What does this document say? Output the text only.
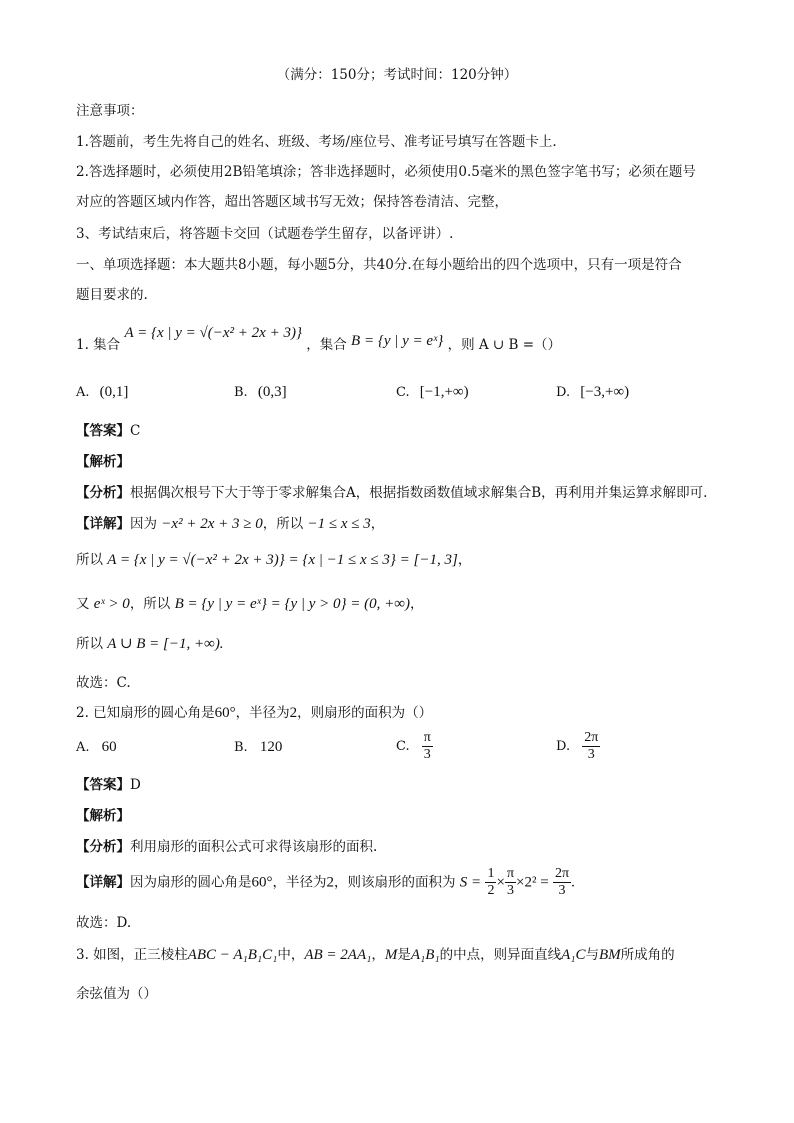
（满分：150分；考试时间：120分钟）
注意事项：
1.答题前，考生先将自己的姓名、班级、考场/座位号、准考证号填写在答题卡上.
2.答选择题时，必须使用2B铅笔填涂；答非选择题时，必须使用0.5毫米的黑色签字笔书写；必须在题号
对应的答题区域内作答，超出答题区域书写无效；保持答卷清洁、完整，
3、考试结束后，将答题卡交回（试题卷学生留存，以备评讲）.
一、单项选择题：本大题共8小题，每小题5分，共40分.在每小题给出的四个选项中，只有一项是符合
题目要求的.
1. 集合 A = {x | y = √(−x² + 2x + 3)} ，集合 B = {y | y = eˣ} ，则 A ∪ B =（）
A. (0,1]	B. (0,3]	C. [−1,+∞)	D. [−3,+∞)
【答案】C
【解析】
【分析】根据偶次根号下大于等于零求解集合A，根据指数函数值域求解集合B，再利用并集运算求解即可.
【详解】因为 −x² + 2x + 3 ≥ 0，所以 −1 ≤ x ≤ 3，
所以 A = {x | y = √(−x² + 2x + 3)} = {x | −1 ≤ x ≤ 3} = [−1, 3]，
又 eˣ > 0，所以 B = {y | y = eˣ} = {y | y > 0} = (0, +∞)，
所以 A ∪ B = [−1, +∞).
故选：C.
2. 已知扇形的圆心角是60°，半径为2，则扇形的面积为（）
A. 60	B. 120	C. $\frac{\pi}{3}$	D. $\frac{2\pi}{3}$
【答案】D
【解析】
【分析】利用扇形的面积公式可求得该扇形的面积.
【详解】因为扇形的圆心角是60°，半径为2，则该扇形的面积为 $S = \frac{1}{2} \times \frac{\pi}{3} \times 2^2 = \frac{2\pi}{3}$ .
故选：D.
3. 如图，正三棱柱ABC − A₁B₁C₁中，AB = 2AA₁，M是A₁B₁的中点，则异面直线A₁C与BM所成角的
余弦值为（）
